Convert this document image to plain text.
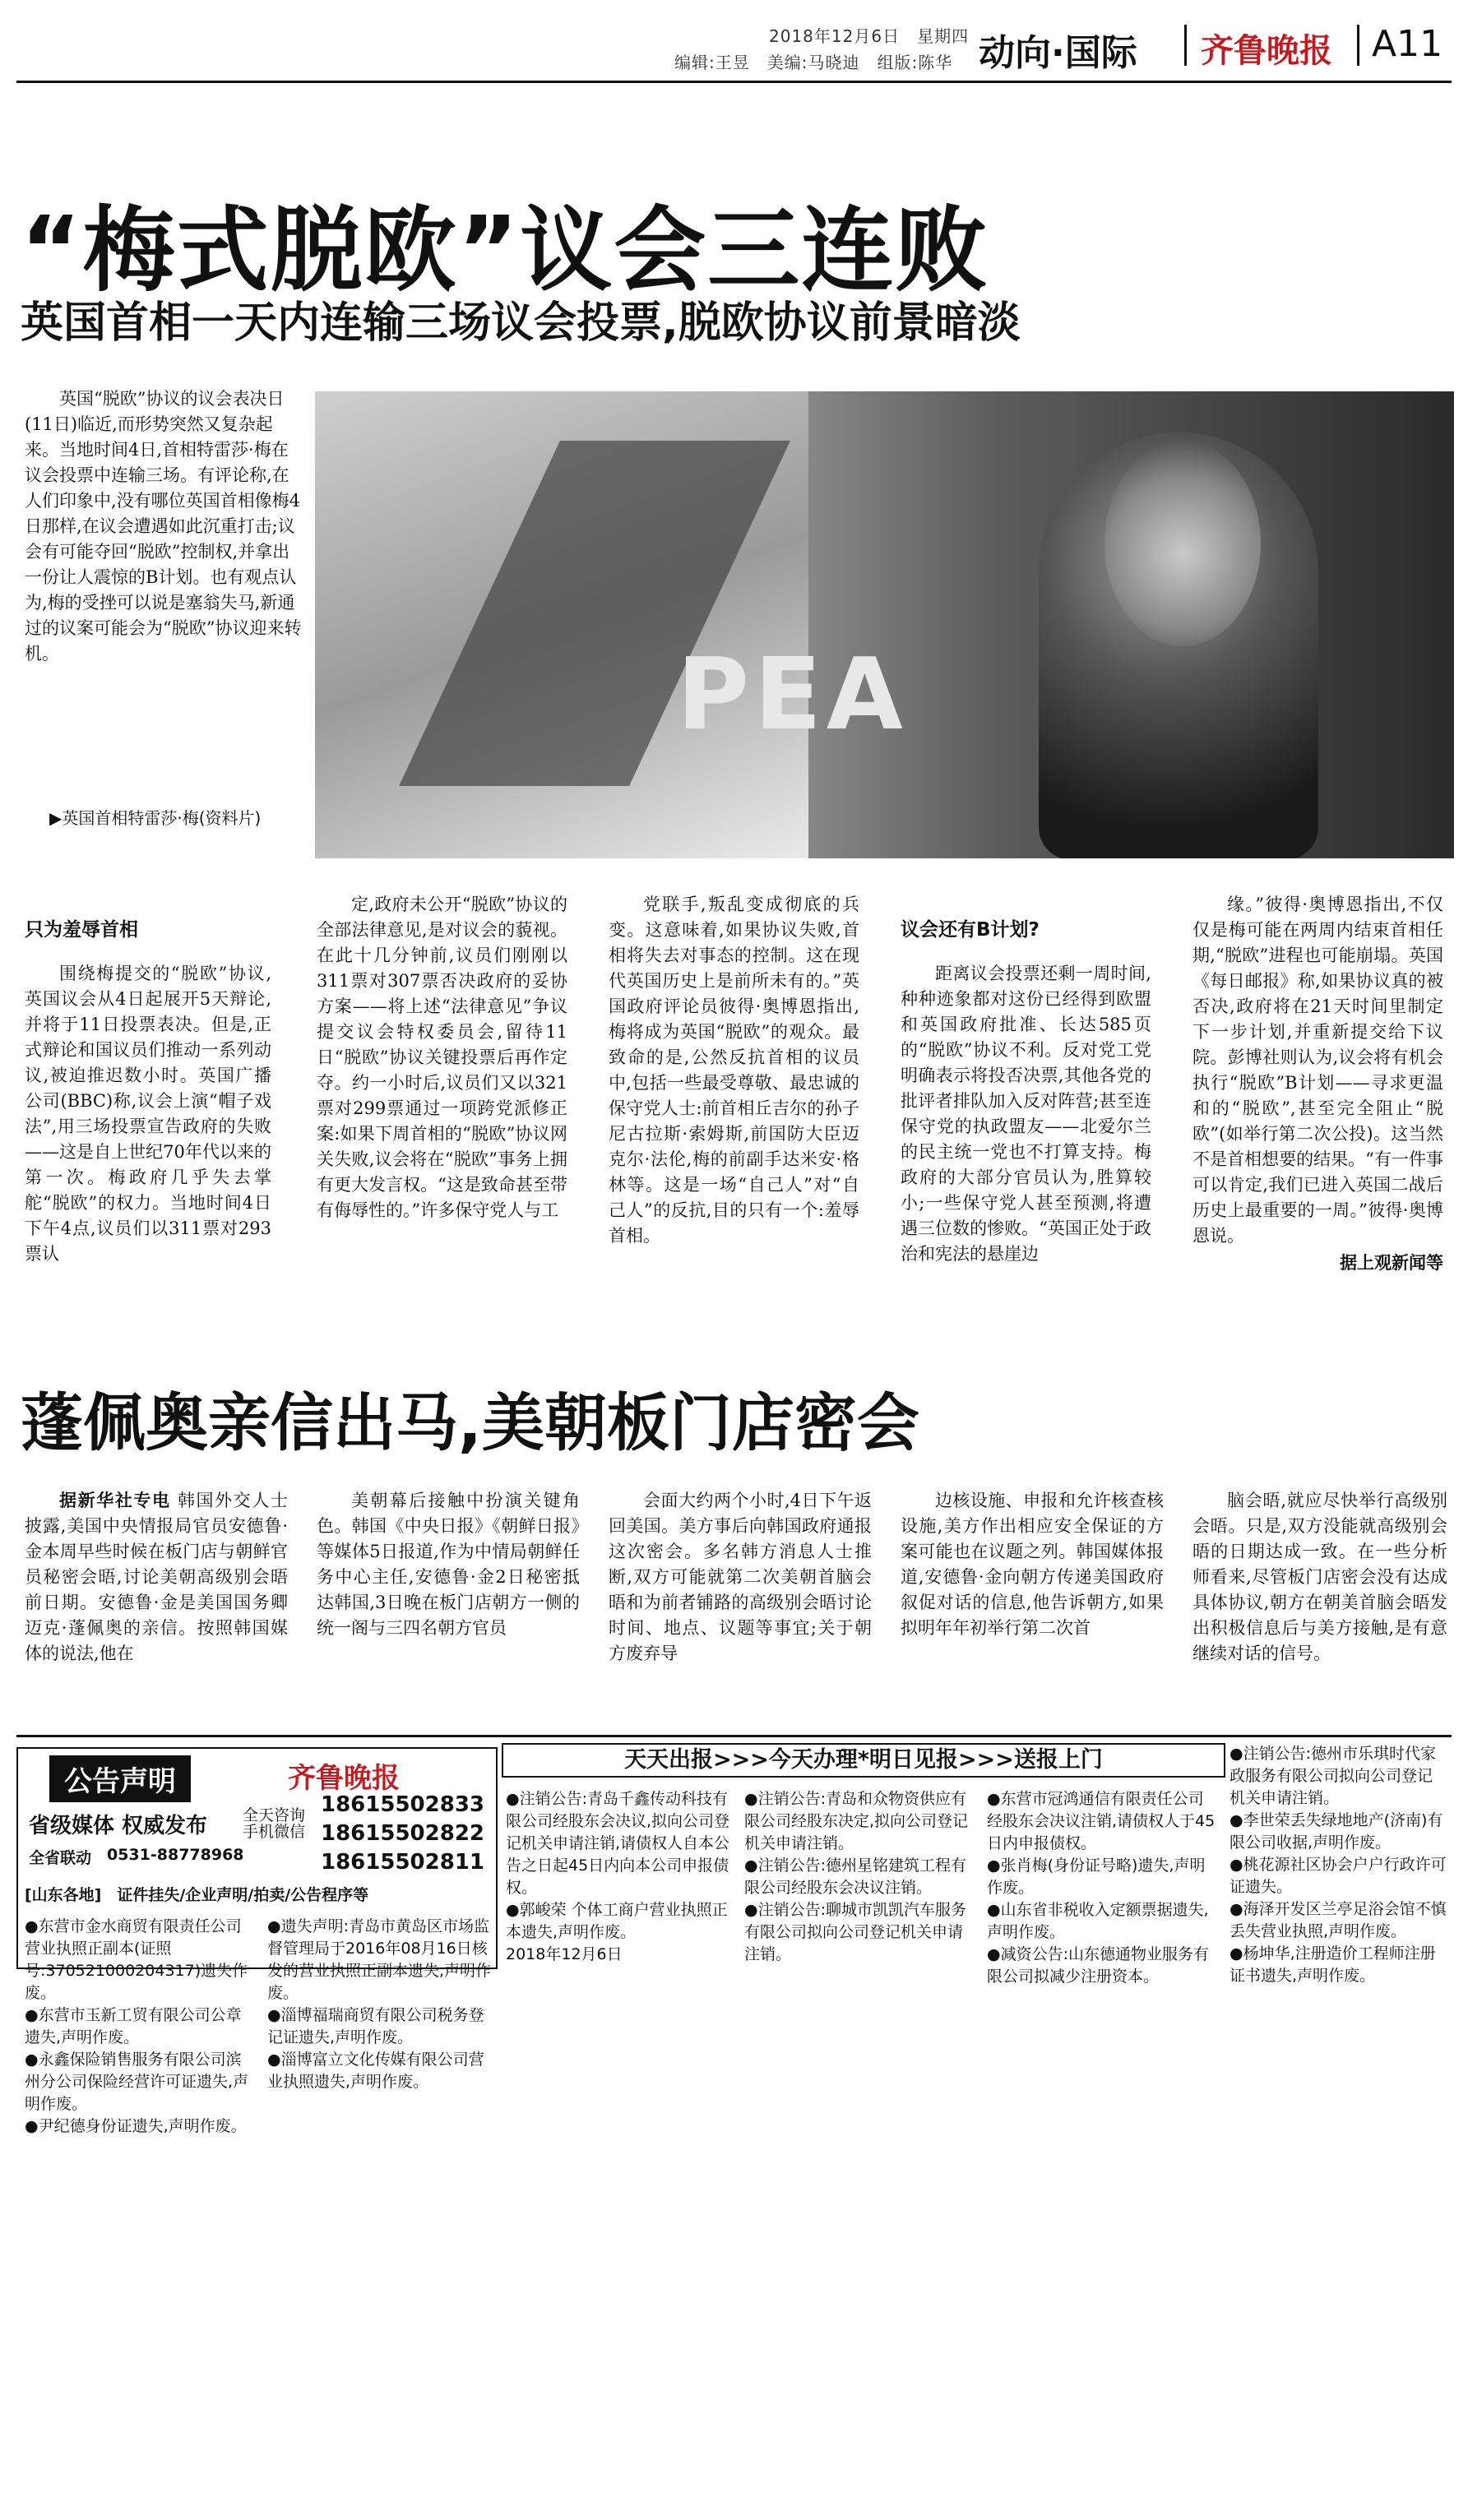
2018年12月6日　星期四
编辑:王昱　美编:马晓迪　组版:陈华 动向·国际 齐鲁晚报 A11
“梅式脱欧”议会三连败
英国首相一天内连输三场议会投票,脱欧协议前景暗淡
英国“脱欧”协议的议会表决日(11日)临近,而形势突然又复杂起来。当地时间4日,首相特雷莎·梅在议会投票中连输三场。有评论称,在人们印象中,没有哪位英国首相像梅4日那样,在议会遭遇如此沉重打击;议会有可能夺回“脱欧”控制权,并拿出一份让人震惊的B计划。也有观点认为,梅的受挫可以说是塞翁失马,新通过的议案可能会为“脱欧”协议迎来转机。	PEA
▶英国首相特雷莎·梅(资料片)
只为羞辱首相

围绕梅提交的“脱欧”协议,英国议会从4日起展开5天辩论,并将于11日投票表决。但是,正式辩论和国议员们推动一系列动议,被迫推迟数小时。英国广播公司(BBC)称,议会上演“帽子戏法”,用三场投票宣告政府的失败——这是自上世纪70年代以来的第一次。梅政府几乎失去掌舵“脱欧”的权力。当地时间4日下午4点,议员们以311票对293票认

定,政府未公开“脱欧”协议的全部法律意见,是对议会的藐视。在此十几分钟前,议员们刚刚以311票对307票否决政府的妥协方案——将上述“法律意见”争议提交议会特权委员会,留待11日“脱欧”协议关键投票后再作定夺。约一小时后,议员们又以321票对299票通过一项跨党派修正案:如果下周首相的“脱欧”协议网关失败,议会将在“脱欧”事务上拥有更大发言权。“这是致命甚至带有侮辱性的。”许多保守党人与工

党联手,叛乱变成彻底的兵变。这意味着,如果协议失败,首相将失去对事态的控制。这在现代英国历史上是前所未有的。”英国政府评论员彼得·奥博恩指出,梅将成为英国“脱欧”的观众。最致命的是,公然反抗首相的议员中,包括一些最受尊敬、最忠诚的保守党人士:前首相丘吉尔的孙子尼古拉斯·索姆斯,前国防大臣迈克尔·法伦,梅的前副手达米安·格林等。这是一场“自己人”对“自己人”的反抗,目的只有一个:羞辱首相。

议会还有B计划?

距离议会投票还剩一周时间,种种迹象都对这份已经得到欧盟和英国政府批准、长达585页的“脱欧”协议不利。反对党工党明确表示将投否决票,其他各党的批评者排队加入反对阵营;甚至连保守党的执政盟友——北爱尔兰的民主统一党也不打算支持。梅政府的大部分官员认为,胜算较小;一些保守党人甚至预测,将遭遇三位数的惨败。“英国正处于政治和宪法的悬崖边

缘。”彼得·奥博恩指出,不仅仅是梅可能在两周内结束首相任期,“脱欧”进程也可能崩塌。英国《每日邮报》称,如果协议真的被否决,政府将在21天时间里制定下一步计划,并重新提交给下议院。彭博社则认为,议会将有机会执行“脱欧”B计划——寻求更温和的“脱欧”,甚至完全阻止“脱欧”(如举行第二次公投)。这当然不是首相想要的结果。“有一件事可以肯定,我们已进入英国二战后历史上最重要的一周。”彼得·奥博恩说。

据上观新闻等
蓬佩奥亲信出马,美朝板门店密会

据新华社专电 韩国外交人士披露,美国中央情报局官员安德鲁·金本周早些时候在板门店与朝鲜官员秘密会晤,讨论美朝高级别会晤前日期。安德鲁·金是美国国务卿迈克·蓬佩奥的亲信。按照韩国媒体的说法,他在

美朝幕后接触中扮演关键角色。韩国《中央日报》《朝鲜日报》等媒体5日报道,作为中情局朝鲜任务中心主任,安德鲁·金2日秘密抵达韩国,3日晚在板门店朝方一侧的统一阁与三四名朝方官员

会面大约两个小时,4日下午返回美国。美方事后向韩国政府通报这次密会。多名韩方消息人士推断,双方可能就第二次美朝首脑会晤和为前者铺路的高级别会晤讨论时间、地点、议题等事宜;关于朝方废弃导

边核设施、申报和允许核查核设施,美方作出相应安全保证的方案可能也在议题之列。韩国媒体报道,安德鲁·金向朝方传递美国政府叙促对话的信息,他告诉朝方,如果拟明年年初举行第二次首

脑会晤,就应尽快举行高级别会晤。只是,双方没能就高级别会晤的日期达成一致。在一些分析师看来,尽管板门店密会没有达成具体协议,朝方在朝美首脑会晤发出积极信息后与美方接触,是有意继续对话的信号。

公告声明	齐鲁晚报
省级媒体 权威发布 全天咨询手机微信
18615502833
18615502822
18615502811
全省联动 0531-88778968
[山东各地]　证件挂失/企业声明/拍卖/公告程序等
天天出报>>>今天办理*明日见报>>>送报上门
●东营市金水商贸有限责任公司营业执照正副本(证照号:370521000204317)遗失作废。
●东营市玉新工贸有限公司公章遗失,声明作废。
●永鑫保险销售服务有限公司滨州分公司保险经营许可证遗失,声明作废。
●尹纪德身份证遗失,声明作废。
●遗失声明:青岛市黄岛区市场监督管理局于2016年08月16日核发的营业执照正副本遗失,声明作废。
●淄博福瑞商贸有限公司税务登记证遗失,声明作废。
●淄博富立文化传媒有限公司营业执照遗失,声明作废。
●注销公告:青岛千鑫传动科技有限公司经股东会决议,拟向公司登记机关申请注销,请债权人自本公告之日起45日内向本公司申报债权。
●郭峻荣 个体工商户营业执照正本遗失,声明作废。
2018年12月6日
●注销公告:青岛和众物资供应有限公司经股东决定,拟向公司登记机关申请注销。
●注销公告:德州星铭建筑工程有限公司经股东会决议注销。
●注销公告:聊城市凯凯汽车服务有限公司拟向公司登记机关申请注销。
●东营市冠鸿通信有限责任公司经股东会决议注销,请债权人于45日内申报债权。
●张肖梅(身份证号略)遗失,声明作废。
●山东省非税收入定额票据遗失,声明作废。
●减资公告:山东德通物业服务有限公司拟减少注册资本。
●注销公告:德州市乐琪时代家政服务有限公司拟向公司登记机关申请注销。
●李世荣丢失绿地地产(济南)有限公司收据,声明作废。
●桃花源社区协会户户行政许可证遗失。
●海泽开发区兰亭足浴会馆不慎丢失营业执照,声明作废。
●杨坤华,注册造价工程师注册证书遗失,声明作废。
